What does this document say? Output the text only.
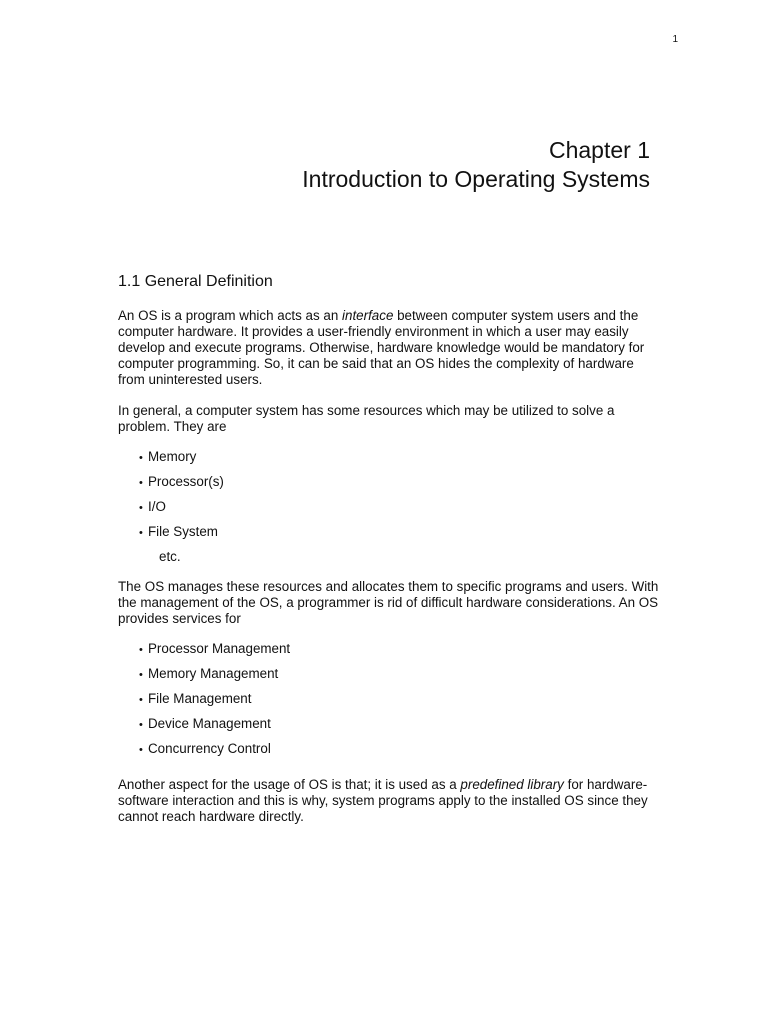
1
Chapter 1
Introduction to Operating Systems
1.1 General Definition

An OS is a program which acts as an interface between computer system users and the computer hardware. It provides a user-friendly environment in which a user may easily develop and execute programs. Otherwise, hardware knowledge would be mandatory for computer programming. So, it can be said that an OS hides the complexity of hardware from uninterested users.

In general, a computer system has some resources which may be utilized to solve a problem. They are

• Memory
• Processor(s)
• I/O
• File System
etc.

The OS manages these resources and allocates them to specific programs and users. With the management of the OS, a programmer is rid of difficult hardware considerations. An OS provides services for

• Processor Management
• Memory Management
• File Management
• Device Management
• Concurrency Control

Another aspect for the usage of OS is that; it is used as a predefined library for hardware-software interaction and this is why, system programs apply to the installed OS since they cannot reach hardware directly.
